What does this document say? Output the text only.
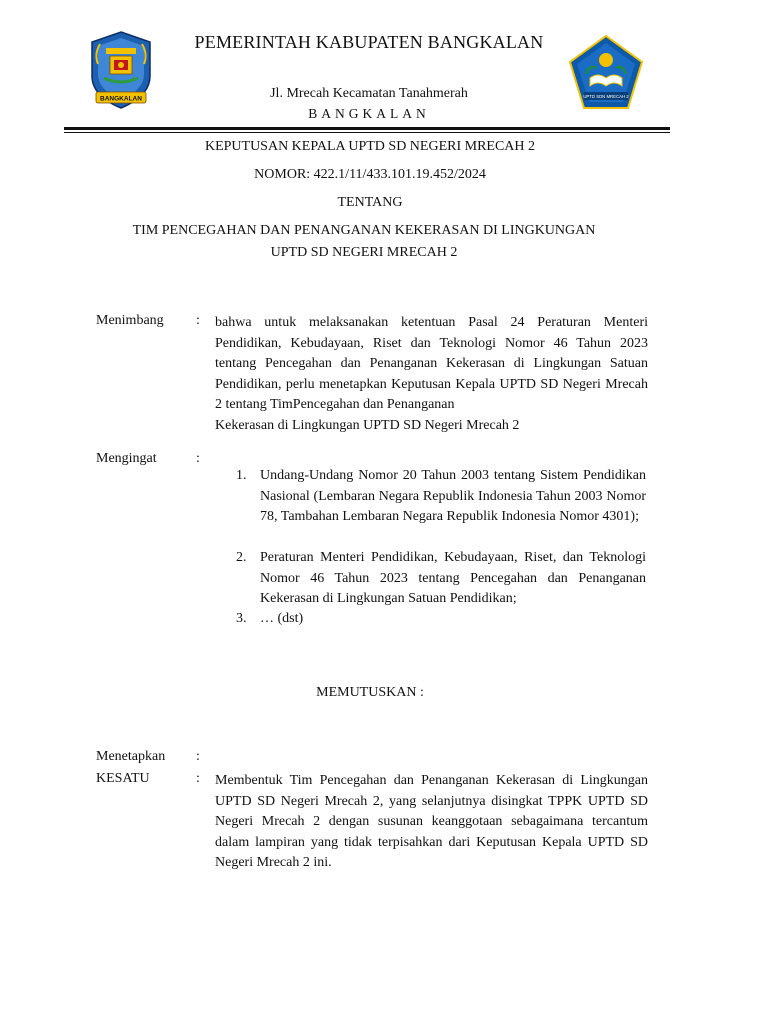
BANGKALAN
PEMERINTAH KABUPATEN BANGKALAN
Jl. Mrecah Kecamatan Tanahmerah
BANGKALAN
UPTD SDN MRECAH 2
KEPUTUSAN KEPALA UPTD SD NEGERI MRECAH 2
NOMOR: 422.1/11/433.101.19.452/2024
TENTANG
TIM PENCEGAHAN DAN PENANGANAN KEKERASAN DI LINGKUNGAN
UPTD SD NEGERI MRECAH 2
Menimbang : bahwa untuk melaksanakan ketentuan Pasal 24 Peraturan Menteri Pendidikan, Kebudayaan, Riset dan Teknologi Nomor 46 Tahun 2023 tentang Pencegahan dan Penanganan Kekerasan di Lingkungan Satuan Pendidikan, perlu menetapkan Keputusan Kepala UPTD SD Negeri Mrecah 2 tentang TimPencegahan dan Penanganan
Kekerasan di Lingkungan UPTD SD Negeri Mrecah 2
Mengingat	:
1. Undang-Undang Nomor 20 Tahun 2003 tentang Sistem Pendidikan Nasional (Lembaran Negara Republik Indonesia Tahun 2003 Nomor 78, Tambahan Lembaran Negara Republik Indonesia Nomor 4301);
2. Peraturan Menteri Pendidikan, Kebudayaan, Riset, dan Teknologi Nomor 46 Tahun 2023 tentang Pencegahan dan Penanganan Kekerasan di Lingkungan Satuan Pendidikan;
3. … (dst)
MEMUTUSKAN :
Menetapkan :
KESATU	: Membentuk Tim Pencegahan dan Penanganan Kekerasan di Lingkungan UPTD SD Negeri Mrecah 2, yang selanjutnya disingkat TPPK UPTD SD Negeri Mrecah 2 dengan susunan keanggotaan sebagaimana tercantum dalam lampiran yang tidak terpisahkan dari Keputusan Kepala UPTD SD Negeri Mrecah 2 ini.
